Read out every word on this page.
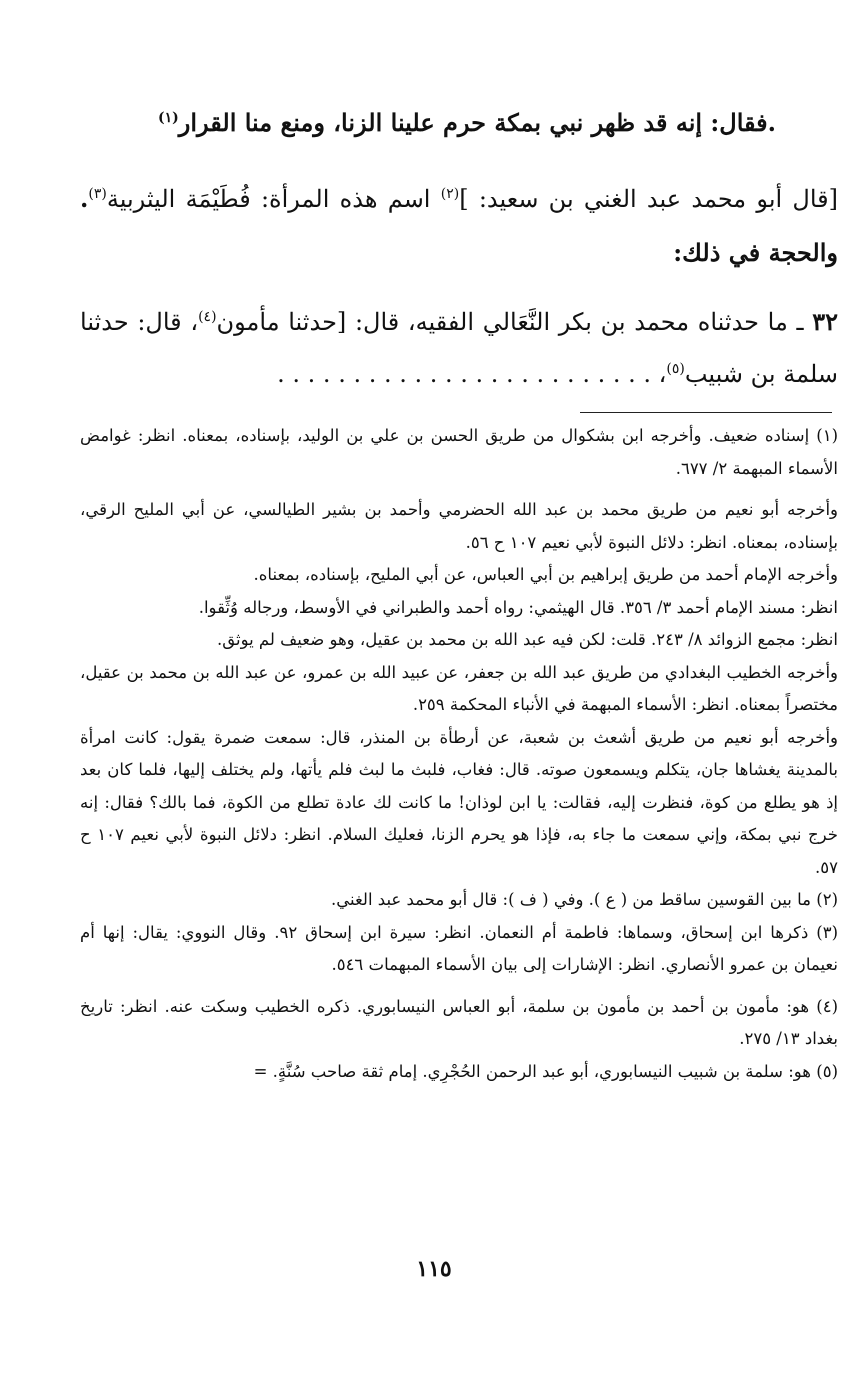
فقال: إنه قد ظهر نبي بمكة حرم علينا الزنا، ومنع منا القرار$^{(١)}$	.
[قال أبو محمد عبد الغني بن سعيد: ]$^{(٢)}$ اسم هذه المرأة: فُطَيْمَة اليثربية$^{(٣)}$. والحجة في ذلك:
٣٢ ـ ما حدثناه محمد بن بكر النَّعَالي الفقيه، قال: [حدثنا مأمون$^{(٤)}$، قال: حدثنا سلمة بن شبيب$^{(٥)}$، . . . . . . . . . . . . . . . . . . . . . . . . .

(١) إسناده ضعيف. وأخرجه ابن بشكوال من طريق الحسن بن علي بن الوليد، بإسناده، بمعناه. انظر: غوامض الأسماء المبهمة ٢/ ٦٧٧.

وأخرجه أبو نعيم من طريق محمد بن عبد الله الحضرمي وأحمد بن بشير الطيالسي، عن أبي المليح الرقي، بإسناده، بمعناه. انظر: دلائل النبوة لأبي نعيم ١٠٧ ح ٥٦.

وأخرجه الإمام أحمد من طريق إبراهيم بن أبي العباس، عن أبي المليح، بإسناده، بمعناه.

انظر: مسند الإمام أحمد ٣/ ٣٥٦. قال الهيثمي: رواه أحمد والطبراني في الأوسط، ورجاله وُثِّقوا.

انظر: مجمع الزوائد ٨/ ٢٤٣. قلت: لكن فيه عبد الله بن محمد بن عقيل، وهو ضعيف لم يوثق.

وأخرجه الخطيب البغدادي من طريق عبد الله بن جعفر، عن عبيد الله بن عمرو، عن عبد الله بن محمد بن عقيل، مختصراً بمعناه. انظر: الأسماء المبهمة في الأنباء المحكمة ٢٥٩.

وأخرجه أبو نعيم من طريق أشعث بن شعبة، عن أرطأة بن المنذر، قال: سمعت ضمرة يقول: كانت امرأة بالمدينة يغشاها جان، يتكلم ويسمعون صوته. قال: فغاب، فلبث ما لبث فلم يأتها، ولم يختلف إليها، فلما كان بعد إذ هو يطلع من كوة، فنظرت إليه، فقالت: يا ابن لوذان! ما كانت لك عادة تطلع من الكوة، فما بالك؟ فقال: إنه خرج نبي بمكة، وإني سمعت ما جاء به، فإذا هو يحرم الزنا، فعليك السلام. انظر: دلائل النبوة لأبي نعيم ١٠٧ ح ٥٧.

(٢) ما بين القوسين ساقط من ( ع ). وفي ( ف ): قال أبو محمد عبد الغني.

(٣) ذكرها ابن إسحاق، وسماها: فاطمة أم النعمان. انظر: سيرة ابن إسحاق ٩٢. وقال النووي: يقال: إنها أم نعيمان بن عمرو الأنصاري. انظر: الإشارات إلى بيان الأسماء المبهمات ٥٤٦.

(٤) هو: مأمون بن أحمد بن مأمون بن سلمة، أبو العباس النيسابوري. ذكره الخطيب وسكت عنه. انظر: تاريخ بغداد ١٣/ ٢٧٥.

(٥) هو: سلمة بن شبيب النيسابوري، أبو عبد الرحمن الحُجْرِي. إمام ثقة صاحب سُنَّةٍ. =

١١٥
